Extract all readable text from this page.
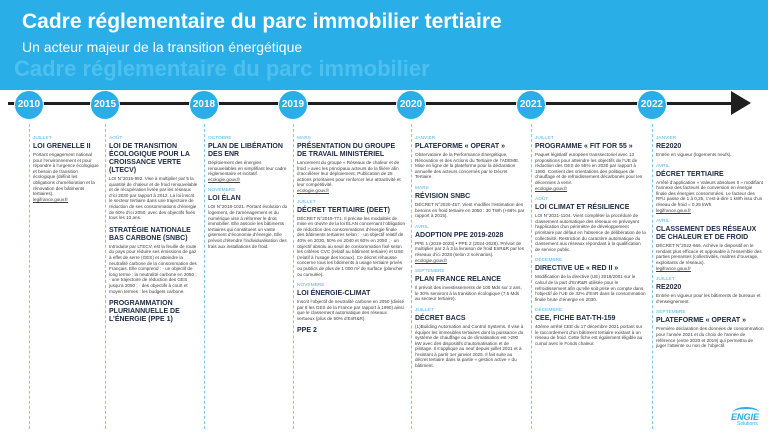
Cadre réglementaire du parc immobilier tertiaire
Un acteur majeur de la transition énergétique
Cadre réglementaire du parc immobilier
2010	2015	2018	2019	2020	2021	2022
JUILLET
LOI GRENELLE II
Portant engagement national pour l’environnement et pour répondre à l’urgence écologique et besoin de transition écologique (définit les obligations d’amélioration et la rénovation des bâtiments tertiaires).
legifrance.gouv.fr
AOÛT
LOI DE TRANSITION ÉCOLOGIQUE POUR LA CROISSANCE VERTE (LTECV)
LOI N°2015-992. Vise à multiplier par 5 la quantité de chaleur et de froid renouvelable et de récupération livrée par les réseaux d’ici 2030 par rapport à 2012. La loi inscrit le secteur tertiaire dans une trajectoire de réduction de ses consommations d’énergie de 60% d’ici 2050, avec des objectifs fixés tous les 10 ans.
STRATÉGIE NATIONALE BAS CARBONE (SNBC)
Introduite par LTECV, est la feuille de route du pays pour réduire ses émissions de gaz à effet de serre (GES) et atteindre la neutralité carbone de la consommation des Français. Elle comprend : · un objectif de long terme : la neutralité carbone en 2050 ; · une trajectoire de réduction des GES jusqu’à 2050 ; · des objectifs à court et moyen termes : les budgets carbone.
PROGRAMMATION PLURIANNUELLE DE L’ÉNERGIE (PPE 1)
OCTOBRE
PLAN DE LIBÉRATION DES ENR
Déploiement des énergies renouvelables en simplifiant leur cadre réglementaire et incitatif.
ecologie.gouv.fr
NOVEMBRE
LOI ÉLAN
LOI N°2018-1021. Portant évolution du logement, de l’aménagement et du numérique vise à réformer le droit immobilier. Elle associe les bâtiments tertiaires qui constituent un vaste gisement d’économie d’énergie. Elle prévoit d’étendre l’individualisation des frais aux installations de froid.
MARS
PRÉSENTATION DU GROUPE DE TRAVAIL MINISTÉRIEL
Lancement du groupe « Réseaux de chaleur et de froid » avec les principaux acteurs de la filière afin d’accélérer leur déploiement. Publication de 25 actions prioritaires pour renforcer leur attractivité et leur compétitivité.
ecologie.gouv.fr
JUILLET
DÉCRET TERTIAIRE (DEET)
DÉCRET N°2019-771. Il précise les modalités de mise en œuvre de la loi ÉLAN concernant l’obligation de réduction des consommations d’énergie finale des bâtiments tertiaires selon : · un objectif relatif de 40% en 2030, 50% en 2040 et 60% en 2050 ; · un objectif absolu au seuil de consommation fixé selon les critères CVC (relatif au bâtiment tertiaire) et USE (relatif à l’usage des locaux). Ce décret réhausse concerne tous les bâtiments à usage tertiaire privés ou publics de plus de 1 000 m² de surface (plancher ou cumulée).
NOVEMBRE
LOI ÉNERGIE-CLIMAT
Inscrit l’objectif de neutralité carbone en 2050 (divisé par 6 les GES de la France par rapport à 1990) ainsi que le classement automatique des réseaux vertueux (plus de 50% d’EnR&R).
PPE 2
JANVIER
PLATEFORME « OPERAT »
Observatoire de la Performance Énergétique, Rénovation et des Actions du Tertiaire de l’ADEME. Mise en ligne de la plateforme pour la déclaration annuelle des acteurs concernés par le Décret Tertiaire.
MARS
RÉVISION SNBC
DÉCRET N°2020-457. Vient modifier l’estimation des besoins en froid tertiaire en 2050 : 30 TWh (+68% par rapport à 2015).
AVRIL
ADOPTION PPE 2019-2028
PPE 1 (2019-2023) • PPE 2 (2024-2028). Prévoit de multiplier par 2 à 3 la livraison de froid EnR&R par les réseaux d’ici 2028 (selon 2 scénarios).
ecologie.gouv.fr
SEPTEMBRE
PLAN FRANCE RELANCE
Il prévoit des investissements de 100 Mds sur 2 ans, le 30% serviront à la transition écologique (7,5 Mds au secteur tertiaire).
JUILLET
DÉCRET BACS
(1)Building Automation and Control Systems. Il vise à équiper les immeubles tertiaires dont la puissance du système de chauffage ou de climatisation est >290 kW avec des dispositifs d’automatisation et de pilotage. Il s’applique au neuf depuis juillet 2021 et à l’existant à partir 1er janvier 2025. Il fait suite au décret tertiaire dans la partie « gestion active » du bâtiment.
JUILLET
PROGRAMME « FIT FOR 55 »
Paquet législatif européen transsectoriel avec 13 propositions pour atteindre les objectifs de l’UE de réduction des GES de 55% en 2030 par rapport à 1990. Contient des orientations des politiques de chauffage et de refroidissement décarbonés pour les décennies à venir.
ecologie.gouv.fr
AOÛT
LOI CLIMAT ET RÉSILIENCE
LOI N°2021-1104. Vient compléter la procédure de classement automatique des réseaux en prévoyant l’application d’un périmètre de développement prioritaire par défaut en l’absence de délibération de la collectivité. Restriction du caractère automatique du classement aux réseaux répondant à la qualification de service public.
DÉCEMBRE
DIRECTIVE UE « RED II »
Modification de la directive (UE) 2018/2001 sur le calcul de la part d’EnR&R utilisée pour le refroidissement afin qu’elle soit prise en compte dans l’objectif de l’UE de 32% d’EnR dans la consommation finale brute d’énergie en 2030.
DÉCEMBRE
CEE, FICHE BAT-TH-159
40ème arrêté CEE du 17 décembre 2021 portant sur le raccordement d’un bâtiment tertiaire existant à un réseau de froid. Cette fiche est également éligible au cumul avec le Fonds chaleur.
JANVIER
RE2020
Entrée en vigueur (logements neufs).
AVRIL
DÉCRET TERTIAIRE
Arrêté d’application « Valeurs absolues II » modifiant l’annexe des facteurs de conversion en énergie finale des énergies consommées. Le facteur des RFU passe de 1 à 0,25, c’est-à-dire 1 kWh issu d’un réseau de froid = 0,25 kWh.
legifrance.gouv.fr
AVRIL
CLASSEMENT DES RÉSEAUX DE CHALEUR ET DE FROID
DÉCRET N°2022-666. Achève le dispositif en le rendant plus efficace et opposable à l’ensemble des parties prenantes (collectivités, maîtres d’ouvrage, exploitants de réseaux).
legifrance.gouv.fr
JUILLET
RE2020
Entrée en vigueur pour les bâtiments de bureaux et d’enseignement.
SEPTEMBRE
PLATEFORME « OPERAT »
Première déclaration des données de consommation pour l’année 2021 et du choix de l’année de référence (entre 2020 et 2019) qui permettra de juger l’atteinte ou non de l’objectif.
ENGIE
Solutions
